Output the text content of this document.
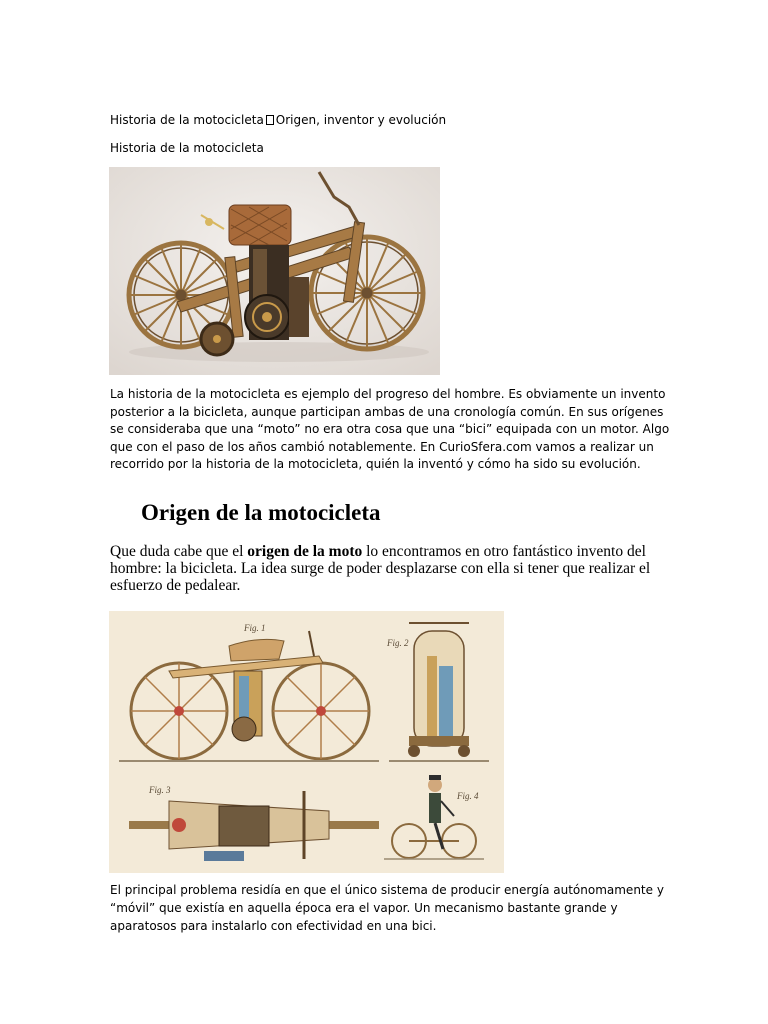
Historia de la motocicleta Origen, inventor y evolución
Historia de la motocicleta

La historia de la motocicleta es ejemplo del progreso del hombre. Es obviamente un invento posterior a la bicicleta, aunque participan ambas de una cronología común. En sus orígenes se consideraba que una “moto” no era otra cosa que una “bici” equipada con un motor. Algo que con el paso de los años cambió notablemente. En CurioSfera.com vamos a realizar un recorrido por la historia de la motocicleta, quién la inventó y cómo ha sido su evolución.

Origen de la motocicleta

Que duda cabe que el origen de la moto lo encontramos en otro fantástico invento del hombre: la bicicleta. La idea surge de poder desplazarse con ella si tener que realizar el esfuerzo de pedalear.

Fig. 1
Fig. 2
Fig. 3
Fig. 4

El principal problema residía en que el único sistema de producir energía autónomamente y “móvil” que existía en aquella época era el vapor. Un mecanismo bastante grande y aparatosos para instalarlo con efectividad en una bici.
